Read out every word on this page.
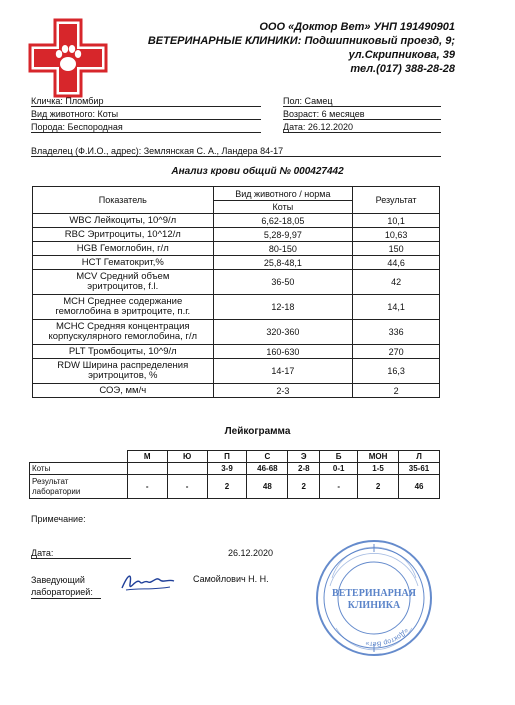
ООО «Доктор Вет» УНП 191490901
ВЕТЕРИНАРНЫЕ КЛИНИКИ: Подшипниковый проезд, 9;
ул.Скрипникова, 39
тел.(017) 388-28-28
Кличка: Пломбир
Вид животного: Коты
Порода: Беспородная
Пол: Самец
Возраст: 6 месяцев
Дата: 26.12.2020
Владелец (Ф.И.О., адрес): Землянская С. А., Ландера 84-17
Анализ крови общий № 000427442
Показатель	Вид животного / норма	Результат
	Коты	
WBC Лейкоциты, 10^9/л	6,62-18,05	10,1
RBC Эритроциты, 10^12/л	5,28-9,97	10,63
HGB Гемоглобин, г/л	80-150	150
HCT Гематокрит,%	25,8-48,1	44,6

MCV Средний объем
эритроцитов, f.l.	36-50	42

MCH Среднее содержание
гемоглобина в эритроците, п.г.	12-18	14,1

MCHC Средняя концентрация
корпускулярного гемоглобина, г/л	320-360	336
PLT Тромбоциты, 10^9/л	160-630	270

RDW Ширина распределения
эритроцитов, %	14-17	16,3
СОЭ, мм/ч	2-3	2
Лейкограмма
	М	Ю	П	С	Э	Б	МОН	Л
Коты			3-9	46-68	2-8	0-1	1-5	35-61

Результат
лаборатории	-	-	2	48	2	-	2	46
Примечание:
Дата:	26.12.2020
Заведующий
лабораторией:
Самойлович Н. Н.
«Доктор Вет»
ВЕТЕРИНАРНАЯ
КЛИНИКА
